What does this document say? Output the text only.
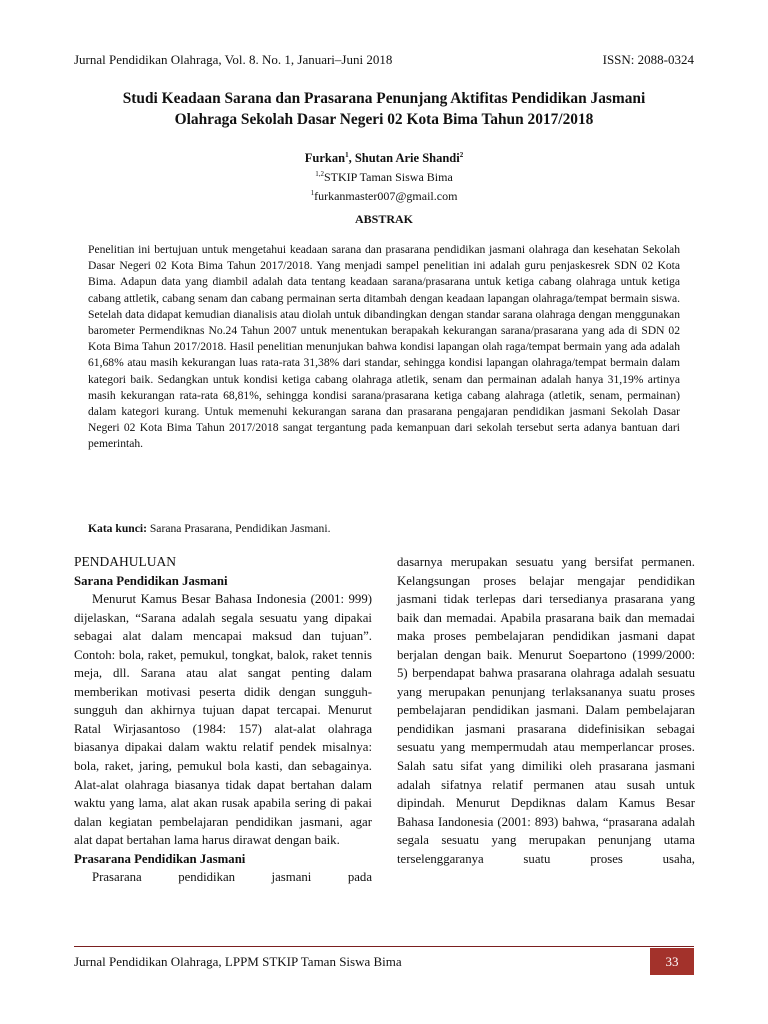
Jurnal Pendidikan Olahraga, Vol. 8. No. 1, Januari–Juni 2018	ISSN: 2088-0324
Studi Keadaan Sarana dan Prasarana Penunjang Aktifitas Pendidikan Jasmani
Olahraga Sekolah Dasar Negeri 02 Kota Bima Tahun 2017/2018
Furkan$^1$, Shutan Arie Shandi$^2$
$^{1,2}$STKIP Taman Siswa Bima
$^1$furkanmaster007@gmail.com
ABSTRAK
Penelitian ini bertujuan untuk mengetahui keadaan sarana dan prasarana pendidikan jasmani olahraga dan kesehatan Sekolah Dasar Negeri 02 Kota Bima Tahun 2017/2018. Yang menjadi sampel penelitian ini adalah guru penjaskesrek SDN 02 Kota Bima. Adapun data yang diambil adalah data tentang keadaan sarana/prasarana untuk ketiga cabang olahraga untuk ketiga cabang attletik, cabang senam dan cabang permainan serta ditambah dengan keadaan lapangan olahraga/tempat bermain siswa. Setelah data didapat kemudian dianalisis atau diolah untuk dibandingkan dengan standar sarana olahraga dengan menggunakan barometer Permendiknas No.24 Tahun 2007 untuk menentukan berapakah kekurangan sarana/prasarana yang ada di SDN 02 Kota Bima Tahun 2017/2018. Hasil penelitian menunjukan bahwa kondisi lapangan olah raga/tempat bermain yang ada adalah 61,68% atau masih kekurangan luas rata-rata 31,38% dari standar, sehingga kondisi lapangan olahraga/tempat bermain dalam kategori baik. Sedangkan untuk kondisi ketiga cabang olahraga atletik, senam dan permainan adalah hanya 31,19% artinya masih kekurangan rata-rata 68,81%, sehingga kondisi sarana/prasarana ketiga cabang alahraga (atletik, senam, permainan) dalam kategori kurang. Untuk memenuhi kekurangan sarana dan prasarana pengajaran pendidikan jasmani Sekolah Dasar Negeri 02 Kota Bima Tahun 2017/2018 sangat tergantung pada kemanpuan dari sekolah tersebut serta adanya bantuan dari pemerintah.
Kata kunci: Sarana Prasarana, Pendidikan Jasmani.

PENDAHULUAN

Sarana Pendidikan Jasmani

Menurut Kamus Besar Bahasa Indonesia (2001: 999) dijelaskan, “Sarana adalah segala sesuatu yang dipakai sebagai alat dalam mencapai maksud dan tujuan”. Contoh: bola, raket, pemukul, tongkat, balok, raket tennis meja, dll. Sarana atau alat sangat penting dalam memberikan motivasi peserta didik dengan sungguh-sungguh dan akhirnya tujuan dapat tercapai. Menurut Ratal Wirjasantoso (1984: 157) alat-alat olahraga biasanya dipakai dalam waktu relatif pendek misalnya: bola, raket, jaring, pemukul bola kasti, dan sebagainya. Alat-alat olahraga biasanya tidak dapat bertahan dalam waktu yang lama, alat akan rusak apabila sering di pakai dalan kegiatan pembelajaran pendidikan jasmani, agar alat dapat bertahan lama harus dirawat dengan baik.

Prasarana Pendidikan Jasmani

Prasarana pendidikan jasmani pada

dasarnya merupakan sesuatu yang bersifat permanen. Kelangsungan proses belajar mengajar pendidikan jasmani tidak terlepas dari tersedianya prasarana yang baik dan memadai. Apabila prasarana baik dan memadai maka proses pembelajaran pendidikan jasmani dapat berjalan dengan baik. Menurut Soepartono (1999/2000: 5) berpendapat bahwa prasarana olahraga adalah sesuatu yang merupakan penunjang terlaksananya suatu proses pembelajaran pendidikan jasmani. Dalam pembelajaran pendidikan jasmani prasarana didefinisikan sebagai sesuatu yang mempermudah atau memperlancar proses. Salah satu sifat yang dimiliki oleh prasarana jasmani adalah sifatnya relatif permanen atau susah untuk dipindah. Menurut Depdiknas dalam Kamus Besar Bahasa Iandonesia (2001: 893) bahwa, “prasarana adalah segala sesuatu yang merupakan penunjang utama terselenggaranya suatu proses usaha,

Jurnal Pendidikan Olahraga, LPPM STKIP Taman Siswa Bima	33
